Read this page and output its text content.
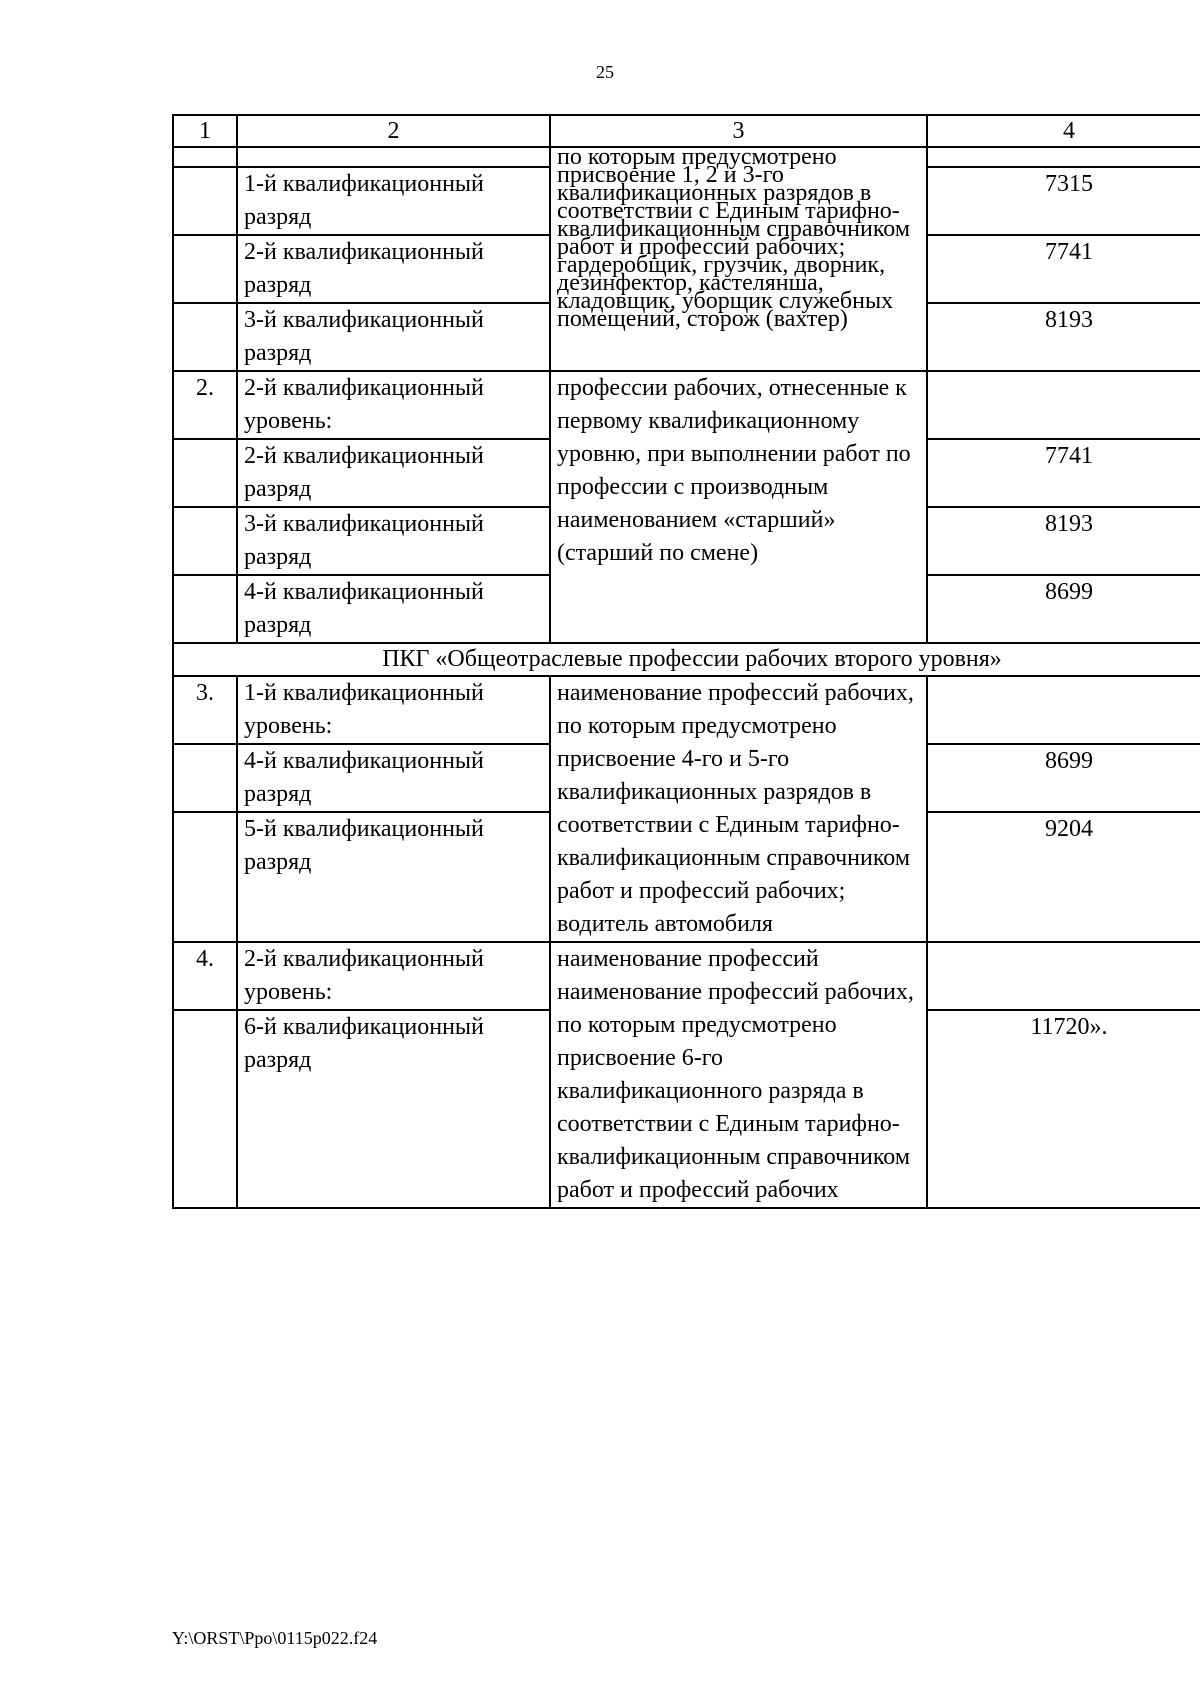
25
1	2	3	4
		по которым предусмотрено присвоение 1, 2 и 3-го квалификационных разрядов в соответствии с Единым тарифно-квалификационным справочником работ и профессий рабочих; гардеробщик, грузчик, дворник, дезинфектор, кастелянша, кладовщик, уборщик служебных помещений, сторож (вахтер)	
	1-й квалификационный разряд		7315
	2-й квалификационный разряд		7741
	3-й квалификационный разряд		8193
2.	2-й квалификационный уровень:	профессии рабочих, отнесенные к первому квалификационному уровню, при выполнении работ по профессии с производным наименованием «старший» (старший по смене)	
	2-й квалификационный разряд		7741
	3-й квалификационный разряд		8193
	4-й квалификационный разряд		8699
ПКГ «Общеотраслевые профессии рабочих второго уровня»			
3.	1-й квалификационный уровень:	наименование профессий рабочих, по которым предусмотрено присвоение 4-го и 5-го квалификационных разрядов в соответствии с Единым тарифно-квалификационным справочником работ и профессий рабочих; водитель автомобиля	
	4-й квалификационный разряд		8699
	5-й квалификационный разряд		9204
4.	2-й квалификационный уровень:	наименование профессий наименование профессий рабочих, по которым предусмотрено присвоение 6-го квалификационного разряда в соответствии с Единым тарифно-квалификационным справочником работ и профессий рабочих	
	6-й квалификационный разряд		11720».
Y:\ORST\Ppo\0115p022.f24
